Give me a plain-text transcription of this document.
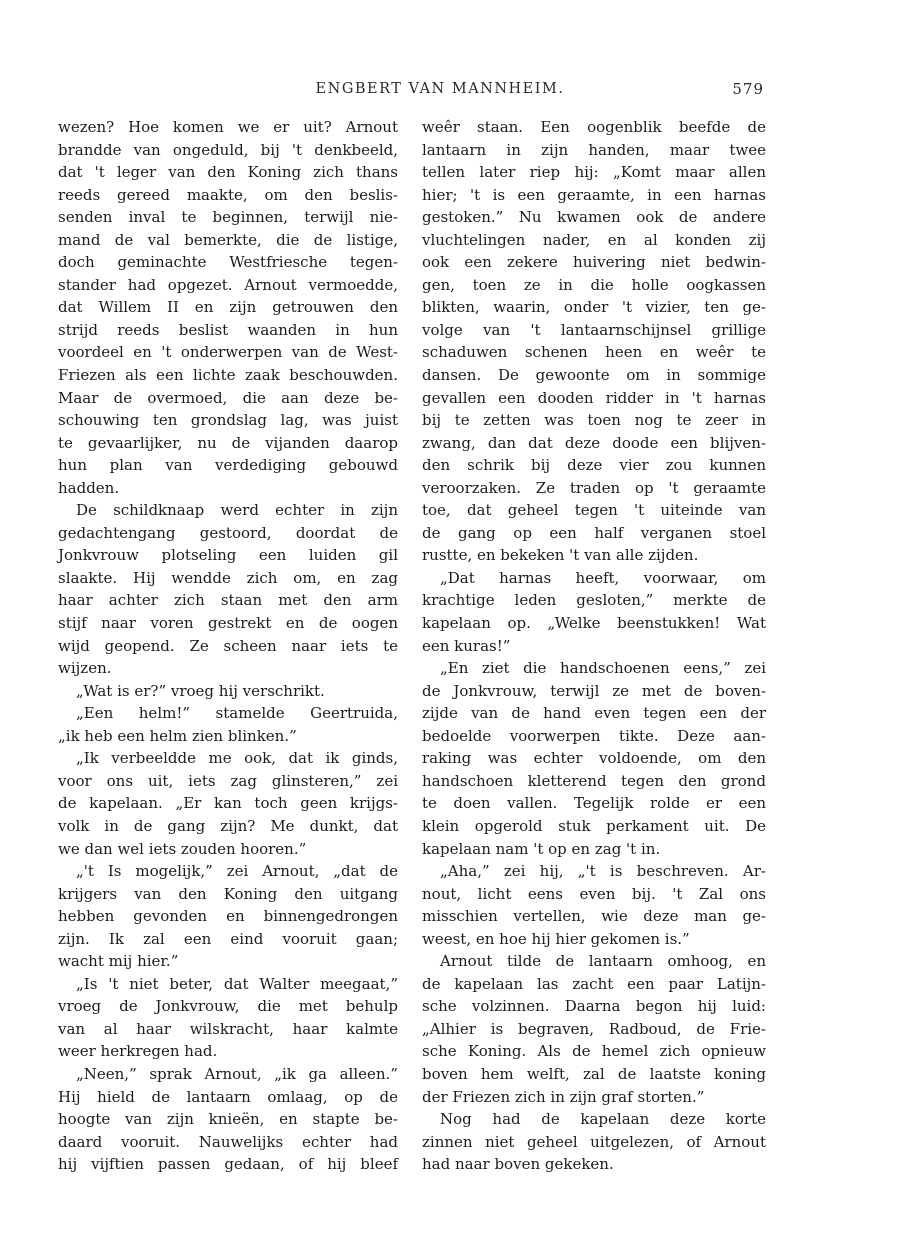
ENGBERT VAN MANNHEIM.	579
wezen? Hoe komen we er uit? Arnout
brandde van ongeduld, bij 't denkbeeld,
dat 't leger van den Koning zich thans
reeds gereed maakte, om den beslis-
senden inval te beginnen, terwijl nie-
mand de val bemerkte, die de listige,
doch geminachte Westfriesche tegen-
stander had opgezet. Arnout vermoedde,
dat Willem II en zijn getrouwen den
strijd reeds beslist waanden in hun
voordeel en 't onderwerpen van de West-
Friezen als een lichte zaak beschouwden.
Maar de overmoed, die aan deze be-
schouwing ten grondslag lag, was juist
te gevaarlijker, nu de vijanden daarop
hun plan van verdediging gebouwd
hadden.
De schildknaap werd echter in zijn
gedachtengang gestoord, doordat de
Jonkvrouw plotseling een luiden gil
slaakte. Hij wendde zich om, en zag
haar achter zich staan met den arm
stijf naar voren gestrekt en de oogen
wijd geopend. Ze scheen naar iets te
wijzen.
„Wat is er?” vroeg hij verschrikt.
„Een helm!” stamelde Geertruida,
„ik heb een helm zien blinken.”
„Ik verbeeldde me ook, dat ik ginds,
voor ons uit, iets zag glinsteren,” zei
de kapelaan. „Er kan toch geen krijgs-
volk in de gang zijn? Me dunkt, dat
we dan wel iets zouden hooren.”
„'t Is mogelijk,” zei Arnout, „dat de
krijgers van den Koning den uitgang
hebben gevonden en binnengedrongen
zijn. Ik zal een eind vooruit gaan;
wacht mij hier.”
„Is 't niet beter, dat Walter meegaat,”
vroeg de Jonkvrouw, die met behulp
van al haar wilskracht, haar kalmte
weer herkregen had.
„Neen,” sprak Arnout, „ik ga alleen.”
Hij hield de lantaarn omlaag, op de
hoogte van zijn knieën, en stapte be-
daard vooruit. Nauwelijks echter had
hij vijftien passen gedaan, of hij bleef
weêr staan. Een oogenblik beefde de
lantaarn in zijn handen, maar twee
tellen later riep hij: „Komt maar allen
hier; 't is een geraamte, in een harnas
gestoken.” Nu kwamen ook de andere
vluchtelingen nader, en al konden zij
ook een zekere huivering niet bedwin-
gen, toen ze in die holle oogkassen
blikten, waarin, onder 't vizier, ten ge-
volge van 't lantaarnschijnsel grillige
schaduwen schenen heen en weêr te
dansen. De gewoonte om in sommige
gevallen een dooden ridder in 't harnas
bij te zetten was toen nog te zeer in
zwang, dan dat deze doode een blijven-
den schrik bij deze vier zou kunnen
veroorzaken. Ze traden op 't geraamte
toe, dat geheel tegen 't uiteinde van
de gang op een half verganen stoel
rustte, en bekeken 't van alle zijden.
„Dat harnas heeft, voorwaar, om
krachtige leden gesloten,” merkte de
kapelaan op. „Welke beenstukken! Wat
een kuras!”
„En ziet die handschoenen eens,” zei
de Jonkvrouw, terwijl ze met de boven-
zijde van de hand even tegen een der
bedoelde voorwerpen tikte. Deze aan-
raking was echter voldoende, om den
handschoen kletterend tegen den grond
te doen vallen. Tegelijk rolde er een
klein opgerold stuk perkament uit. De
kapelaan nam 't op en zag 't in.
„Aha,” zei hij, „'t is beschreven. Ar-
nout, licht eens even bij. 't Zal ons
misschien vertellen, wie deze man ge-
weest, en hoe hij hier gekomen is.”
Arnout tilde de lantaarn omhoog, en
de kapelaan las zacht een paar Latijn-
sche volzinnen. Daarna begon hij luid:
„Alhier is begraven, Radboud, de Frie-
sche Koning. Als de hemel zich opnieuw
boven hem welft, zal de laatste koning
der Friezen zich in zijn graf storten.”
Nog had de kapelaan deze korte
zinnen niet geheel uitgelezen, of Arnout
had naar boven gekeken.
